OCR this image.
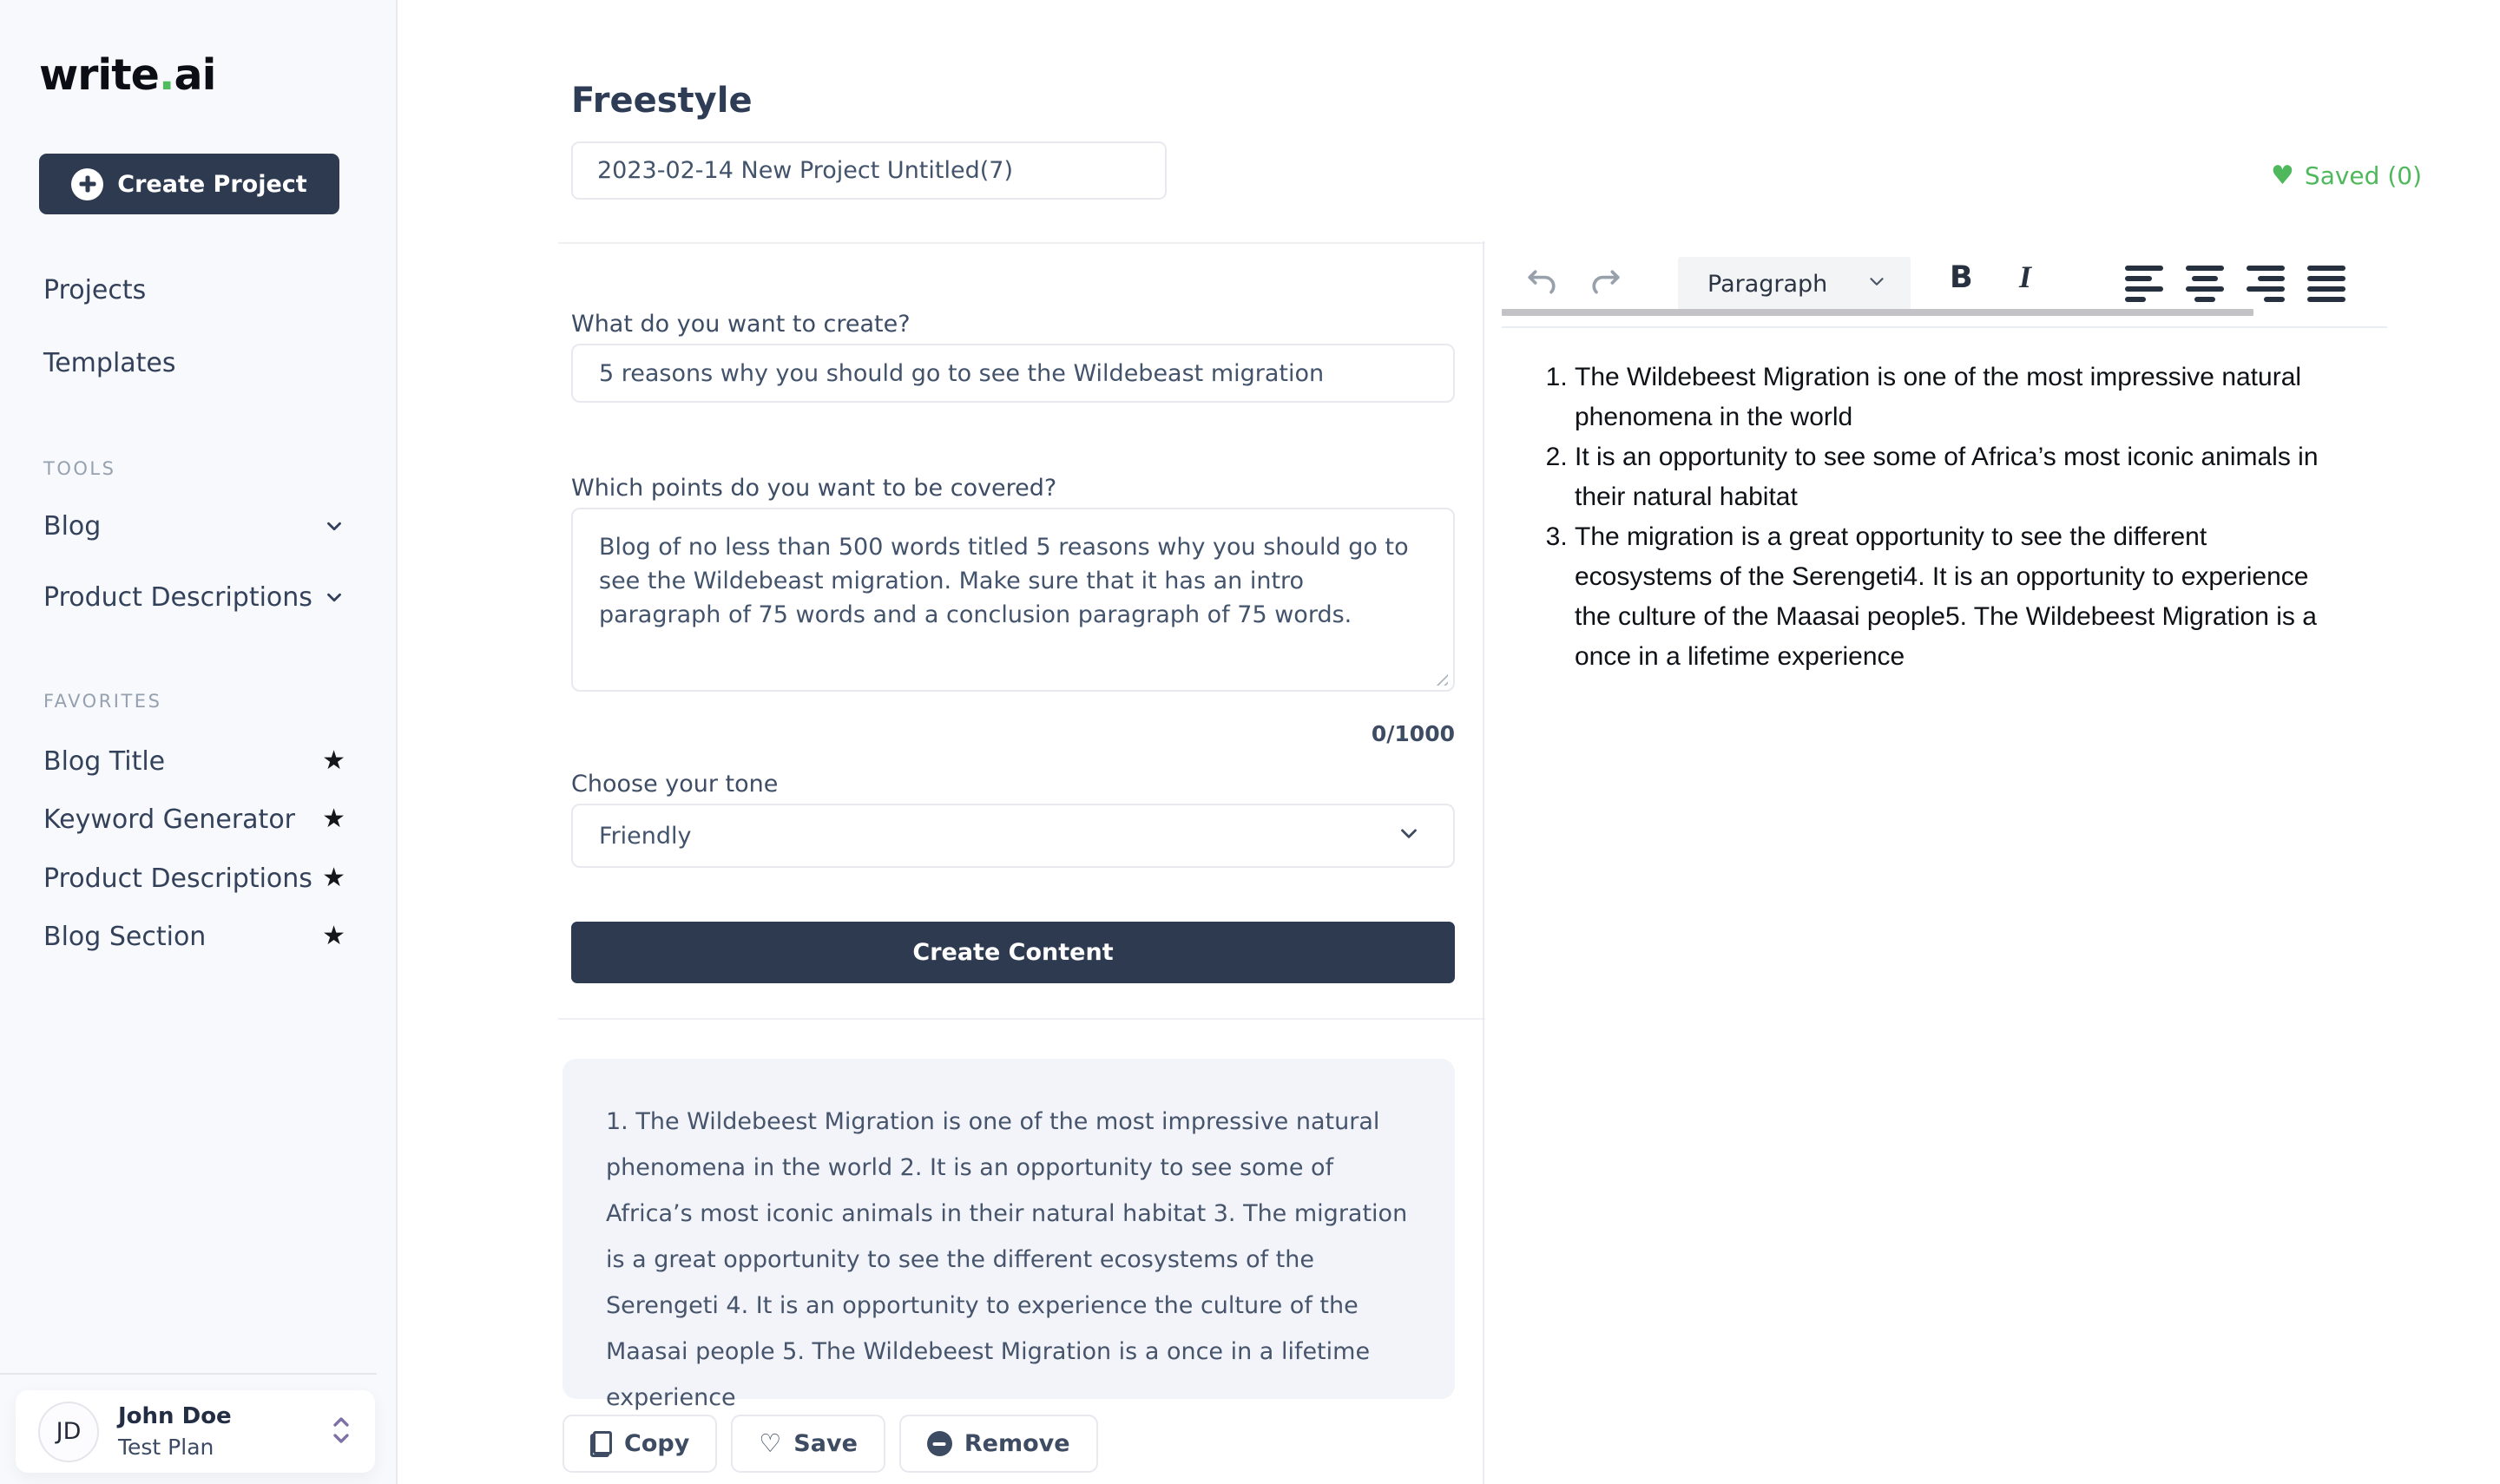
write.ai
Create Project
Projects
Templates
TOOLS
Blog
Product Descriptions
FAVORITES
Blog Title	★
Keyword Generator ★
Product Descriptions ★
Blog Section	★
JD
John Doe
Test Plan
Freestyle
♥ Saved (0)
2023-02-14 New Project Untitled(7)
What do you want to create?
5 reasons why you should go to see the Wildebeast migration
Which points do you want to be covered?
Blog of no less than 500 words titled 5 reasons why you should go to see the Wildebeast migration. Make sure that it has an intro paragraph of 75 words and a conclusion paragraph of 75 words.
0/1000
Choose your tone
Friendly
Create Content

1. The Wildebeest Migration is one of the most impressive natural phenomena in the world 2. It is an opportunity to see some of Africa’s most iconic animals in their natural habitat 3. The migration is a great opportunity to see the different ecosystems of the Serengeti 4. It is an opportunity to experience the culture of the Maasai people 5. The Wildebeest Migration is a once in a lifetime experience

Copy	♡ Save	Remove
Paragraph	B I
1. The Wildebeest Migration is one of the most impressive natural phenomena in the world
2. It is an opportunity to see some of Africa’s most iconic animals in their natural habitat
3. The migration is a great opportunity to see the different ecosystems of the Serengeti4. It is an opportunity to experience the culture of the Maasai people5. The Wildebeest Migration is a once in a lifetime experience
